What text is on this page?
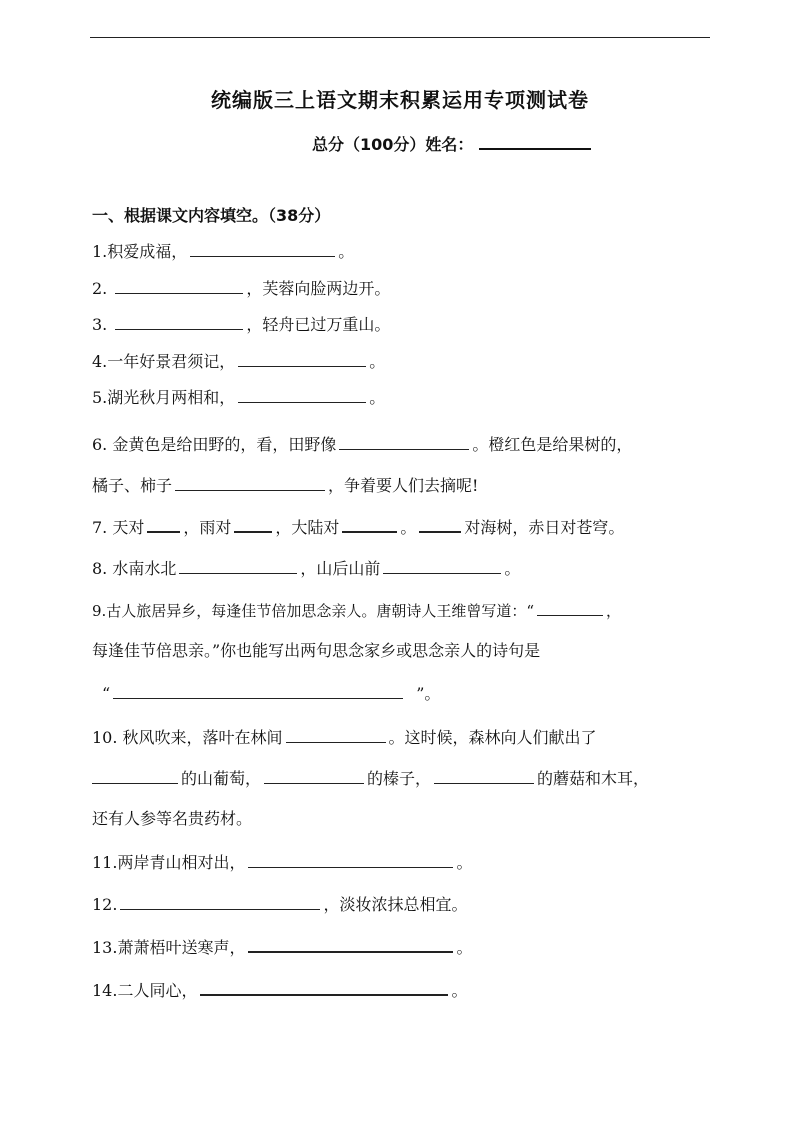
统编版三上语文期末积累运用专项测试卷
总分（100分）姓名：
一、根据课文内容填空。（38分）
1.积爱成福，	。
2.	，芙蓉向脸两边开。
3.	，轻舟已过万重山。
4.一年好景君须记，	。
5.湖光秋月两相和，	。
6. 金黄色是给田野的，看，田野像	。橙红色是给果树的，
橘子、柿子	，争着要人们去摘呢!
7. 天对 ，雨对	，大陆对	。	对海树，赤日对苍穹。
8. 水南水北	，山后山前	。
9.古人旅居异乡，每逢佳节倍加思念亲人。唐朝诗人王维曾写道：“	，
每逢佳节倍思亲。”你也能写出两句思念家乡或思念亲人的诗句是
“	”。
10. 秋风吹来，落叶在林间	。这时候，森林向人们献出了
的山葡萄，	的榛子，	的蘑菇和木耳，
还有人参等名贵药材。
11.两岸青山相对出，	。
12.	，淡妆浓抹总相宜。
13.萧萧梧叶送寒声，	。
14.二人同心，	。
